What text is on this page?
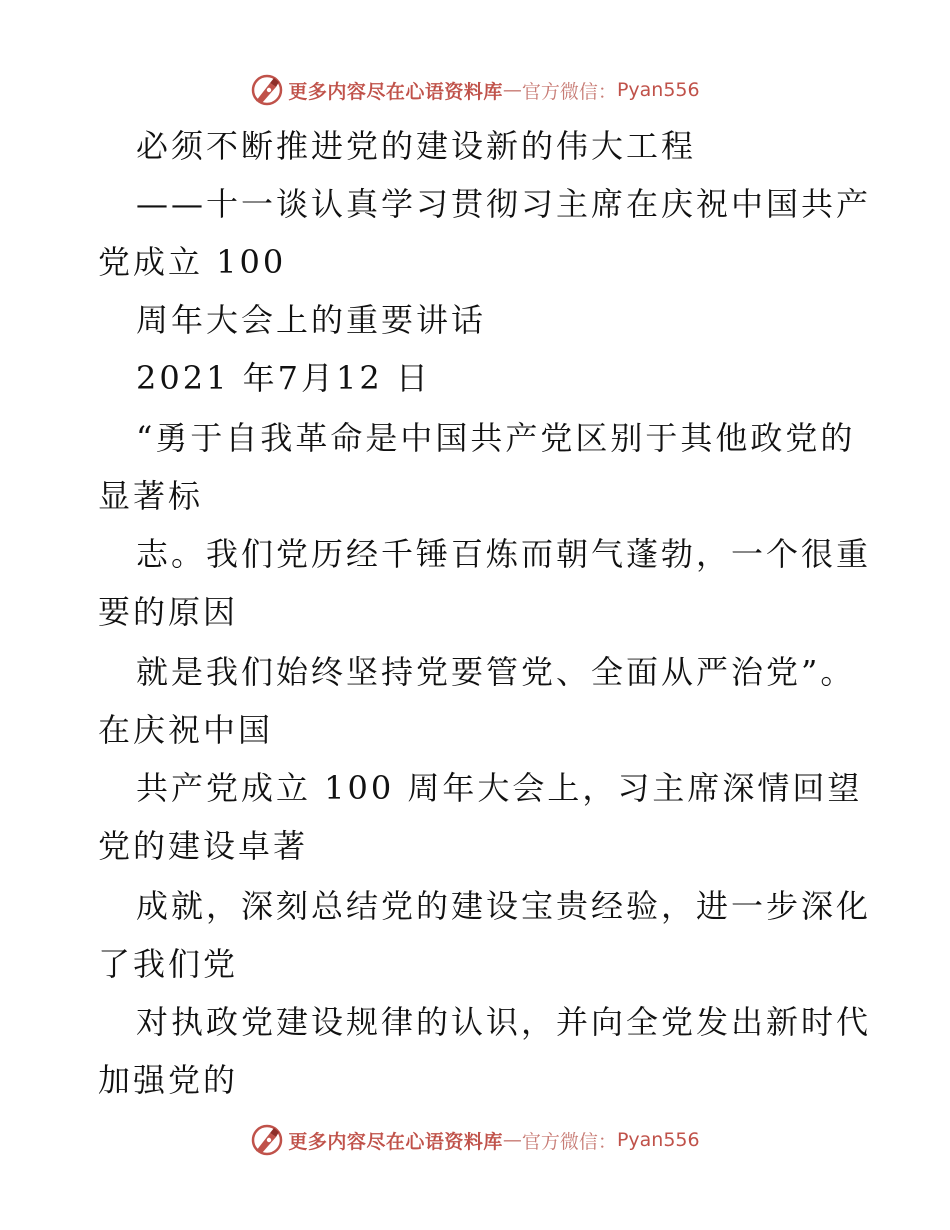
更多内容尽在心语资料库 — 官方微信： Pyan556
必须不断推进党的建设新的伟大工程
——十一谈认真学习贯彻习主席在庆祝中国共产
党成立 100
周年大会上的重要讲话
2021 年7月12 日
“勇于自我革命是中国共产党区别于其他政党的
显著标
志。我们党历经千锤百炼而朝气蓬勃，一个很重
要的原因
就是我们始终坚持党要管党、全面从严治党”。
在庆祝中国
共产党成立 100 周年大会上，习主席深情回望
党的建设卓著
成就，深刻总结党的建设宝贵经验，进一步深化
了我们党
对执政党建设规律的认识，并向全党发出新时代
加强党的
更多内容尽在心语资料库 — 官方微信： Pyan556
